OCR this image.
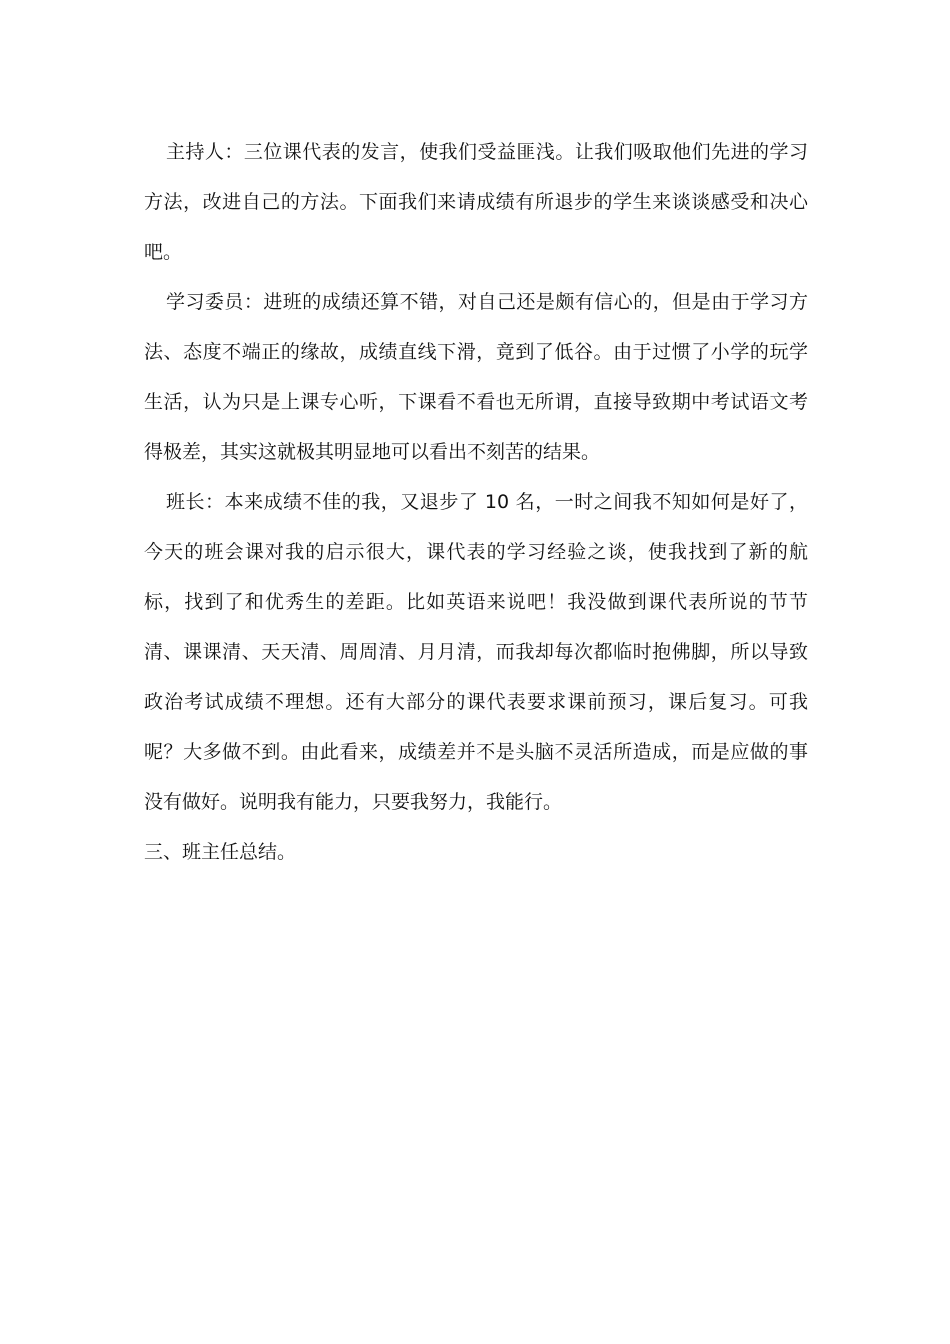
主持人：三位课代表的发言，使我们受益匪浅。让我们吸取他们先进的学习方法，改进自己的方法。下面我们来请成绩有所退步的学生来谈谈感受和决心吧。

学习委员：进班的成绩还算不错，对自己还是颇有信心的，但是由于学习方法、态度不端正的缘故，成绩直线下滑，竟到了低谷。由于过惯了小学的玩学生活，认为只是上课专心听，下课看不看也无所谓，直接导致期中考试语文考得极差，其实这就极其明显地可以看出不刻苦的结果。

班长：本来成绩不佳的我，又退步了 10 名，一时之间我不知如何是好了，今天的班会课对我的启示很大，课代表的学习经验之谈，使我找到了新的航标，找到了和优秀生的差距。比如英语来说吧！我没做到课代表所说的节节清、课课清、天天清、周周清、月月清，而我却每次都临时抱佛脚，所以导致政治考试成绩不理想。还有大部分的课代表要求课前预习，课后复习。可我呢？大多做不到。由此看来，成绩差并不是头脑不灵活所造成，而是应做的事没有做好。说明我有能力，只要我努力，我能行。

三、班主任总结。
